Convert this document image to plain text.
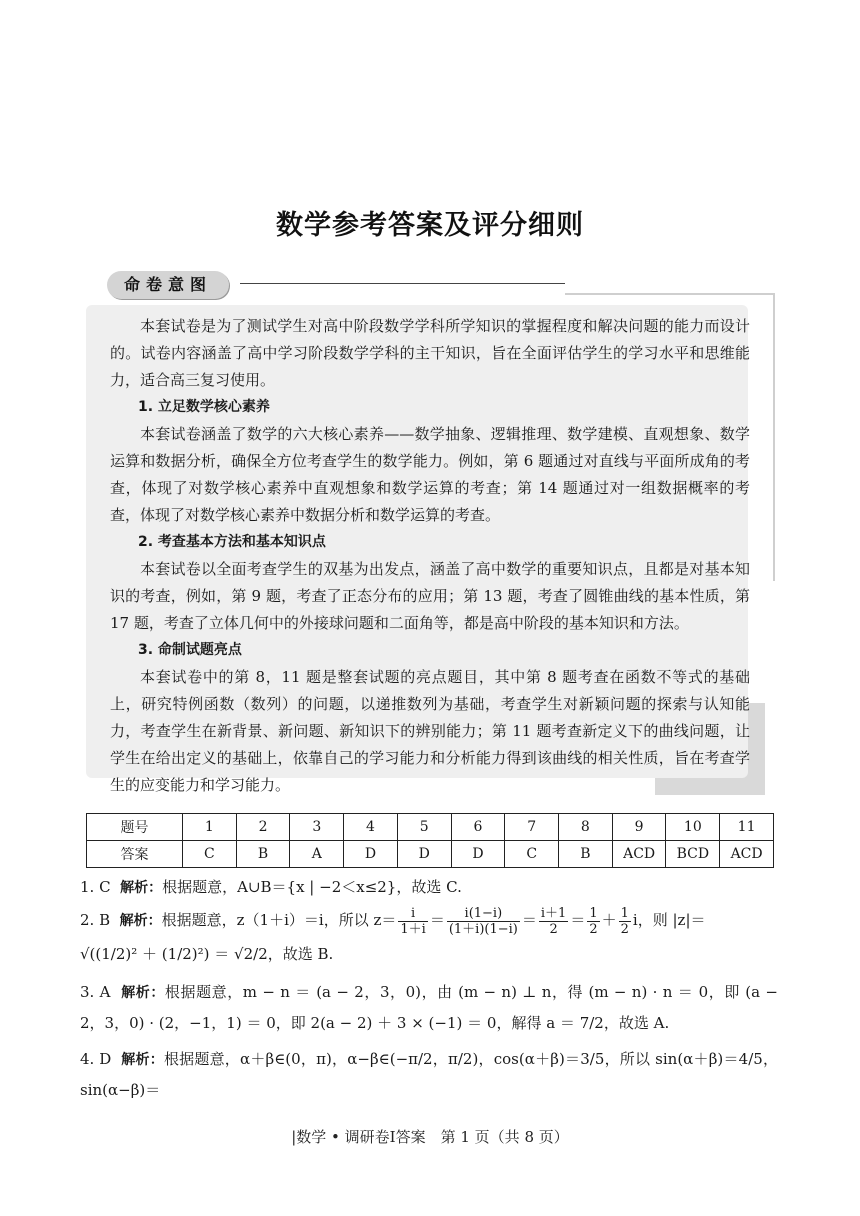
数学参考答案及评分细则
命卷意图

本套试卷是为了测试学生对高中阶段数学学科所学知识的掌握程度和解决问题的能力而设计的。试卷内容涵盖了高中学习阶段数学学科的主干知识，旨在全面评估学生的学习水平和思维能力，适合高三复习使用。

1. 立足数学核心素养

本套试卷涵盖了数学的六大核心素养——数学抽象、逻辑推理、数学建模、直观想象、数学运算和数据分析，确保全方位考查学生的数学能力。例如，第 6 题通过对直线与平面所成角的考查，体现了对数学核心素养中直观想象和数学运算的考查；第 14 题通过对一组数据概率的考查，体现了对数学核心素养中数据分析和数学运算的考查。

2. 考查基本方法和基本知识点

本套试卷以全面考查学生的双基为出发点，涵盖了高中数学的重要知识点，且都是对基本知识的考查，例如，第 9 题，考查了正态分布的应用；第 13 题，考查了圆锥曲线的基本性质，第 17 题，考查了立体几何中的外接球问题和二面角等，都是高中阶段的基本知识和方法。

3. 命制试题亮点

本套试卷中的第 8，11 题是整套试题的亮点题目，其中第 8 题考查在函数不等式的基础上，研究特例函数（数列）的问题，以递推数列为基础，考查学生对新颖问题的探索与认知能力，考查学生在新背景、新问题、新知识下的辨别能力；第 11 题考查新定义下的曲线问题，让学生在给出定义的基础上，依靠自己的学习能力和分析能力得到该曲线的相关性质，旨在考查学生的应变能力和学习能力。

题号	1	2	3	4	5	6	7	8	9	10	11
答案	C	B	A	D	D	D	C	B	ACD	BCD	ACD

1. C 解析：根据题意，A∪B＝{x | −2＜x≤2}，故选 C.

2. B 解析：根据题意，z（1＋i）＝i，所以 $z= \frac{i}{1+i} = \frac{i(1-i)}{(1+i)(1-i)} = \frac{i+1}{2} = \frac{1}{2} + \frac{1}{2}$ i，则 |z|＝

√((1/2)² ＋ (1/2)²) ＝ √2/2，故选 B.

3. A 解析：根据题意，m − n ＝ (a − 2，3，0)，由 (m − n) ⊥ n，得 (m − n) · n ＝ 0，即 (a − 2，3，0) · (2，−1，1) ＝ 0，即 2(a − 2) ＋ 3 × (−1) ＝ 0，解得 a ＝ 7/2，故选 A.

4. D 解析：根据题意，α＋β∈(0，π)，α−β∈(−π/2，π/2)，cos(α＋β)＝3/5，所以 sin(α＋β)＝4/5，sin(α−β)＝

|数学 • 调研卷Ⅰ答案　第 1 页（共 8 页）
